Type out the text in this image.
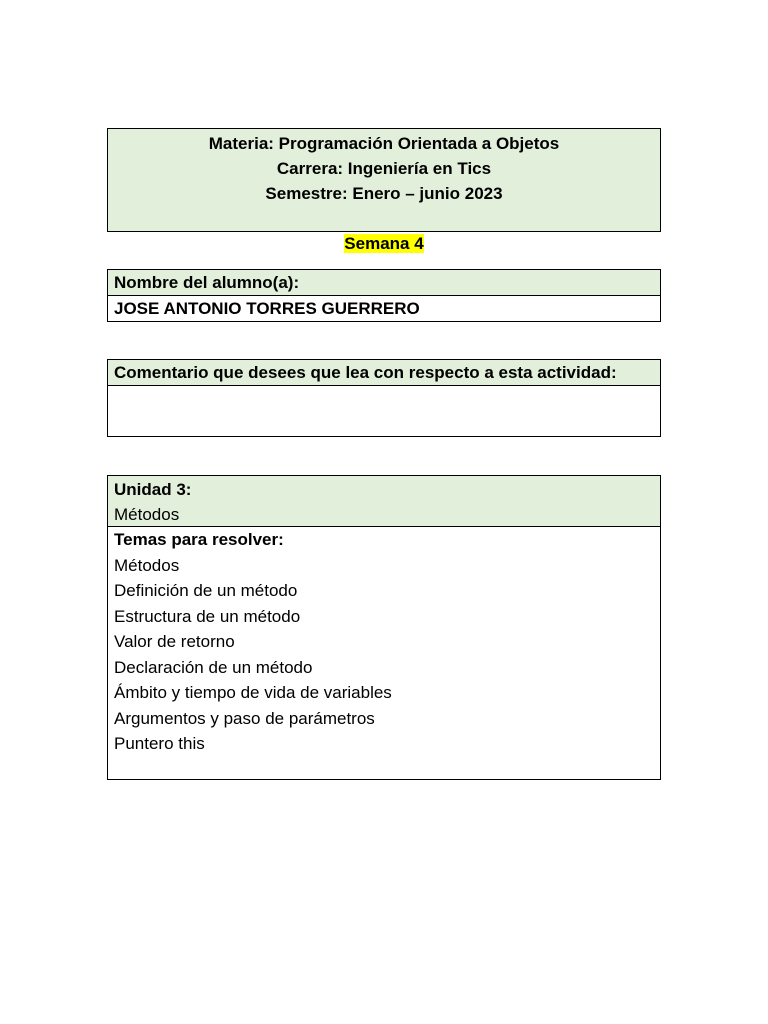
Materia: Programación Orientada a Objetos
Carrera: Ingeniería en Tics
Semestre: Enero – junio 2023
Semana 4
Nombre del alumno(a):
JOSE ANTONIO TORRES GUERRERO
Comentario que desees que lea con respecto a esta actividad:
Unidad 3:
Métodos
Temas para resolver:
Métodos
Definición de un método
Estructura de un método
Valor de retorno
Declaración de un método
Ámbito y tiempo de vida de variables
Argumentos y paso de parámetros
Puntero this
